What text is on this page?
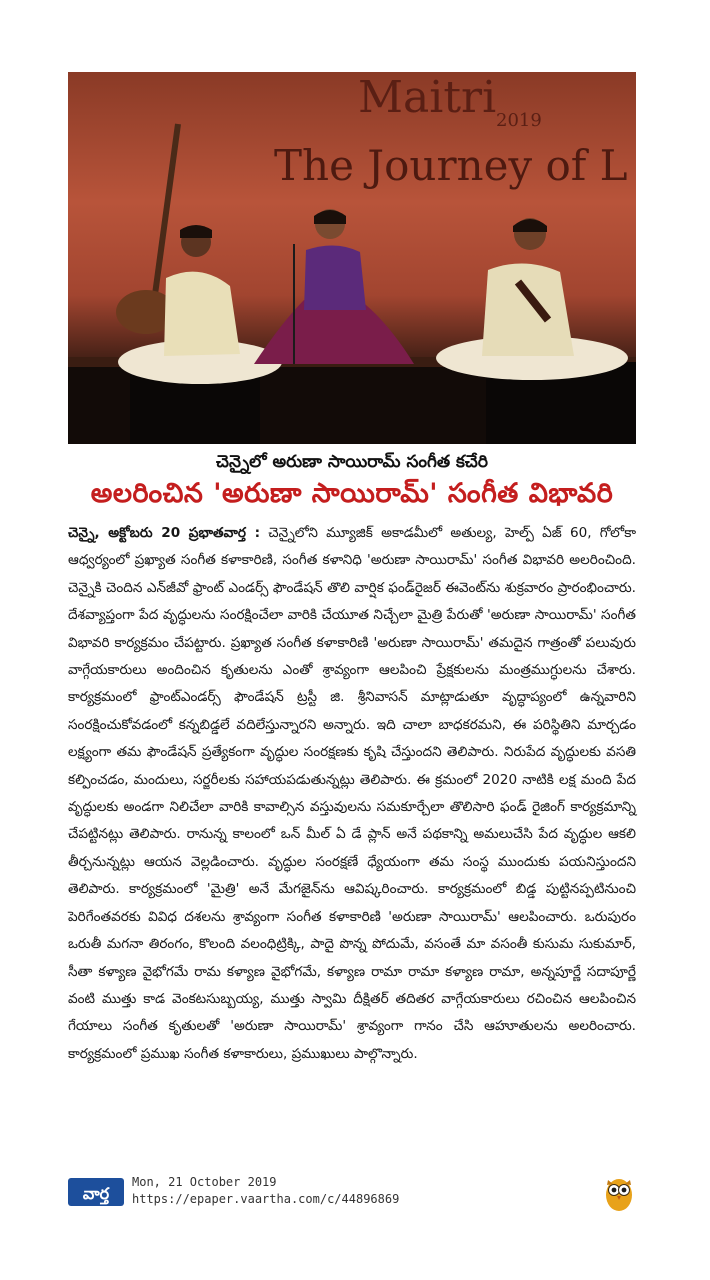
Maitri 2019
The Journey of L
చెన్నైలో అరుణా సాయిరామ్ సంగీత కచేరి
అలరించిన 'అరుణా సాయిరామ్' సంగీత విభావరి
చెన్నై, అక్టోబరు 20 ప్రభాతవార్త : చెన్నైలోని మ్యూజిక్ అకాడమీలో అతుల్య, హెల్ప్ ఏజ్ 60, గోలోకా ఆధ్వర్యంలో ప్రఖ్యాత సంగీత కళాకారిణి, సంగీత కళానిధి 'అరుణా సాయిరామ్' సంగీత విభావరి అలరించింది. చెన్నైకి చెందిన ఎన్‌జీవో ఫ్రాంట్ ఎండర్స్ ఫౌండేషన్ తొలి వార్షిక ఫండ్‌రైజర్ ఈవెంట్‌ను శుక్రవారం ప్రారంభించారు. దేశవ్యాప్తంగా పేద వృద్ధులను సంరక్షించేలా వారికి చేయూత నిచ్చేలా మైత్రి పేరుతో 'అరుణా సాయిరామ్' సంగీత విభావరి కార్యక్రమం చేపట్టారు. ప్రఖ్యాత సంగీత కళాకారిణి 'అరుణా సాయిరామ్' తమదైన గాత్రంతో పలువురు వాగ్గేయకారులు అందించిన కృతులను ఎంతో శ్రావ్యంగా ఆలపించి ప్రేక్షకులను మంత్రముగ్ధులను చేశారు. కార్యక్రమంలో ఫ్రాంట్‌ఎండర్స్ ఫౌండేషన్ ట్రస్టీ జి. శ్రీనివాసన్ మాట్లాడుతూ వృద్ధాప్యంలో ఉన్నవారిని సంరక్షించుకోవడంలో కన్నబిడ్డలే వదిలేస్తున్నారని అన్నారు. ఇది చాలా బాధకరమని, ఈ పరిస్థితిని మార్చడం లక్ష్యంగా తమ ఫౌండేషన్ ప్రత్యేకంగా వృద్ధుల సంరక్షణకు కృషి చేస్తుందని తెలిపారు. నిరుపేద వృద్ధులకు వసతి కల్పించడం, మందులు, సర్జరీలకు సహాయపడుతున్నట్లు తెలిపారు. ఈ క్రమంలో 2020 నాటికి లక్ష మంది పేద వృద్ధులకు అండగా నిలిచేలా వారికి కావాల్సిన వస్తువులను సమకూర్చేలా తొలిసారి ఫండ్ రైజింగ్ కార్యక్రమాన్ని చేపట్టినట్లు తెలిపారు. రానున్న కాలంలో ఒన్ మీల్ ఏ డే ప్లాన్ అనే పథకాన్ని అమలుచేసి పేద వృద్ధుల ఆకలి తీర్చనున్నట్లు ఆయన వెల్లడించారు. వృద్ధుల సంరక్షణే ధ్యేయంగా తమ సంస్థ ముందుకు పయనిస్తుందని తెలిపారు. కార్యక్రమంలో 'మైత్రి' అనే మేగజైన్‌ను ఆవిష్కరించారు. కార్యక్రమంలో బిడ్డ పుట్టినప్పటినుంచి పెరిగేంతవరకు వివిధ దశలను శ్రావ్యంగా సంగీత కళాకారిణి 'అరుణా సాయిరామ్' ఆలపించారు. ఒరుపురం ఒరుతీ మగనా తిరంగం, కొలంది వలంధిట్రిక్కి, పాదై పొన్న పోదుమే, వసంతే మా వసంతీ కుసుమ సుకుమార్, సీతా కళ్యాణ వైభోగమే రామ కళ్యాణ వైభోగమే, కళ్యాణ రామా రామా కళ్యాణ రామా, అన్నపూర్ణే సదాపూర్ణే వంటి ముత్తు కాడ వెంకటసుబ్బయ్య, ముత్తు స్వామి దీక్షితర్ తదితర వాగ్గేయకారులు రచించిన ఆలపించిన గేయాలు సంగీత కృతులతో 'అరుణా సాయిరామ్' శ్రావ్యంగా గానం చేసి ఆహూతులను అలరించారు. కార్యక్రమంలో ప్రముఖ సంగీత కళాకారులు, ప్రముఖులు పాల్గొన్నారు.
వార్త
Mon, 21 October 2019
https://epaper.vaartha.com/c/44896869
